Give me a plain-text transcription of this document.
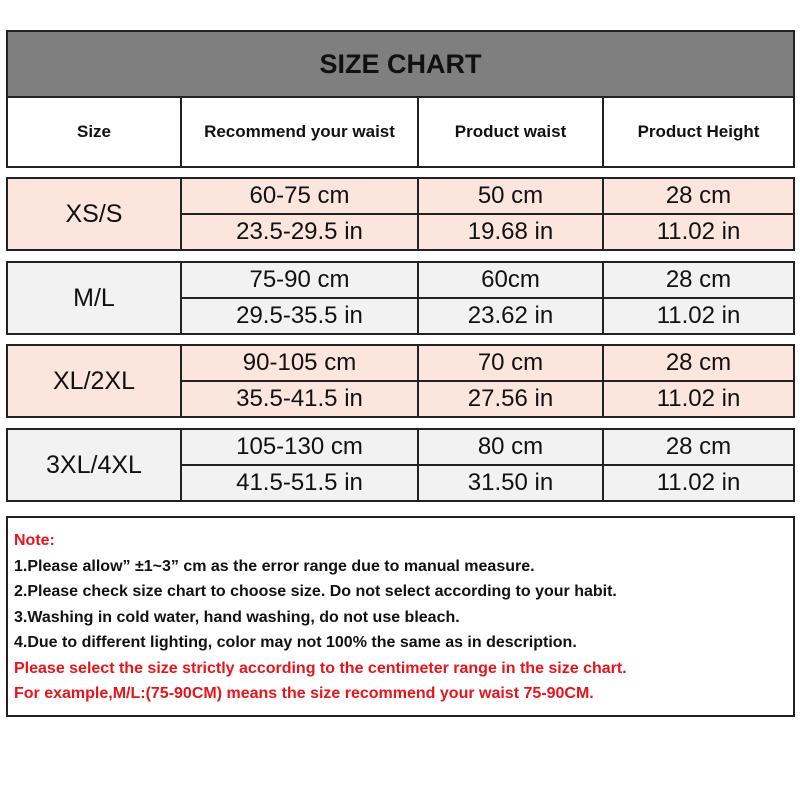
SIZE CHART
Size	Recommend your waist	Product waist	Product Height
XS/S
60-75 cm	50 cm	28 cm
23.5-29.5 in	19.68 in	11.02 in
M/L
75-90 cm	60cm	28 cm
29.5-35.5 in	23.62 in	11.02 in
XL/2XL
90-105 cm	70 cm	28 cm
35.5-41.5 in	27.56 in	11.02 in
3XL/4XL
105-130 cm	80 cm	28 cm
41.5-51.5 in	31.50 in	11.02 in
Note:
1.Please allow” ±1~3” cm as the error range due to manual measure.
2.Please check size chart to choose size. Do not select according to your habit.
3.Washing in cold water, hand washing, do not use bleach.
4.Due to different lighting, color may not 100% the same as in description.
Please select the size strictly according to the centimeter range in the size chart.
For example,M/L:(75-90CM) means the size recommend your waist 75-90CM.
